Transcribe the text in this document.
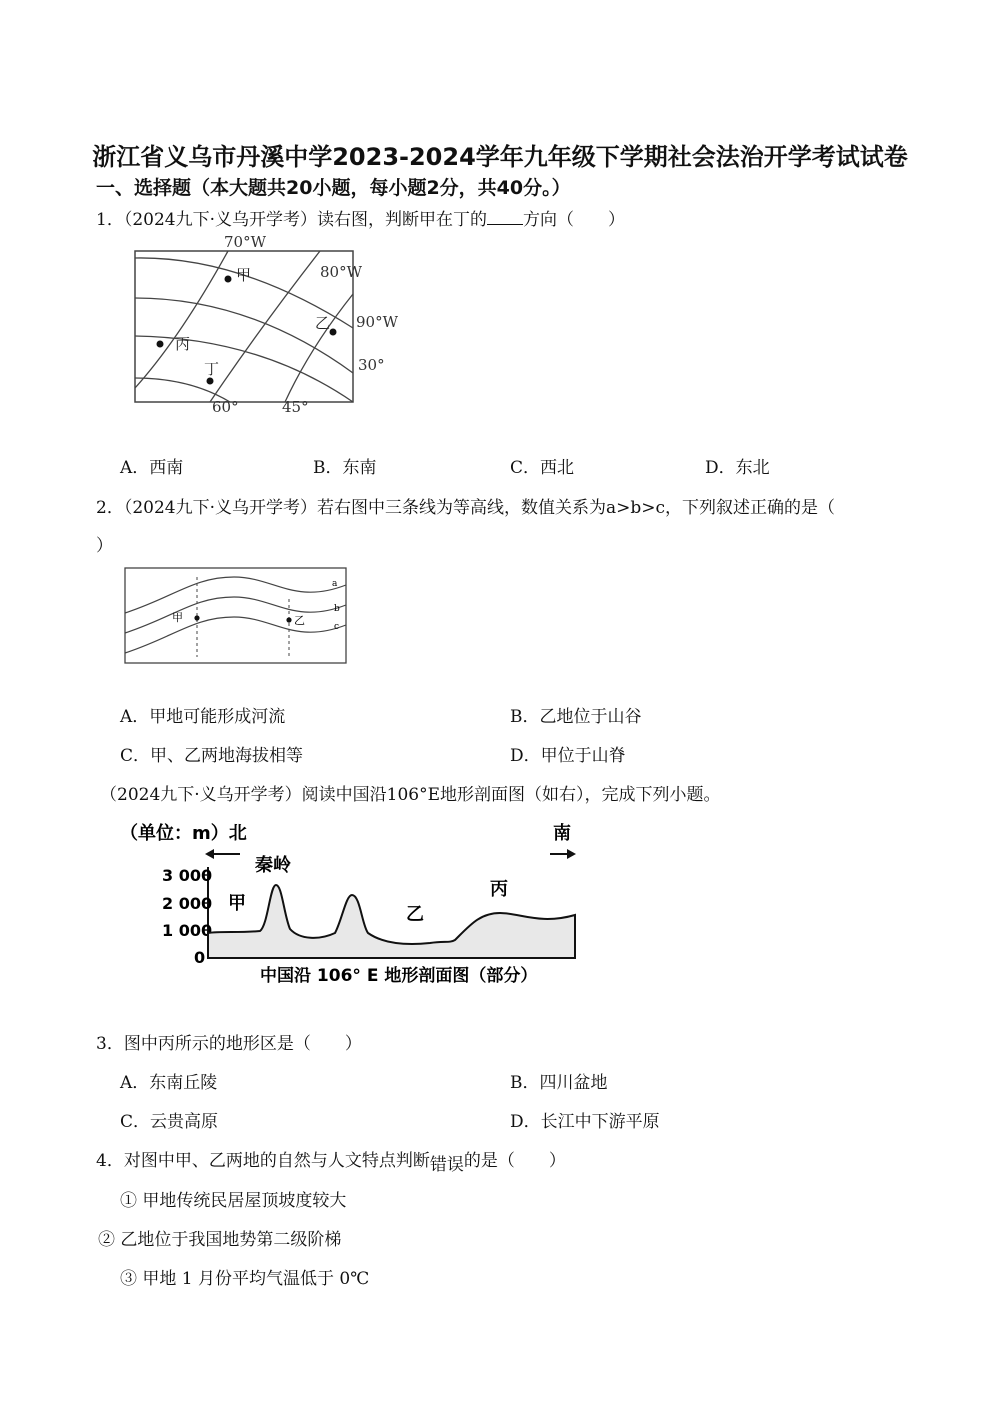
浙江省义乌市丹溪中学2023-2024学年九年级下学期社会法治开学考试试卷
一、选择题（本大题共20小题，每小题2分，共40分。）
1．（2024九下·义乌开学考）读右图，判断甲在丁的 方向（　　）
70°W
80°W
90°W
30°
60°	45°
甲
乙
丙
丁
A．西南	B．东南	C．西北	D．东北
2．（2024九下·义乌开学考）若右图中三条线为等高线，数值关系为a>b>c，下列叙述正确的是（
）
甲	乙
a
b
c
A．甲地可能形成河流	B．乙地位于山谷
C．甲、乙两地海拔相等	D．甲位于山脊
（2024九下·义乌开学考）阅读中国沿106°E地形剖面图（如右），完成下列小题。
（单位：m）北	南
3 000
2 000
1 000
0
秦岭
甲
乙
丙
中国沿 106° E 地形剖面图（部分）
3．图中丙所示的地形区是（　　）
A．东南丘陵	B．四川盆地
C．云贵高原	D．长江中下游平原
4．对图中甲、乙两地的自然与人文特点判断错误的是（　　）
① 甲地传统民居屋顶坡度较大
② 乙地位于我国地势第二级阶梯
③ 甲地 1 月份平均气温低于 0℃
